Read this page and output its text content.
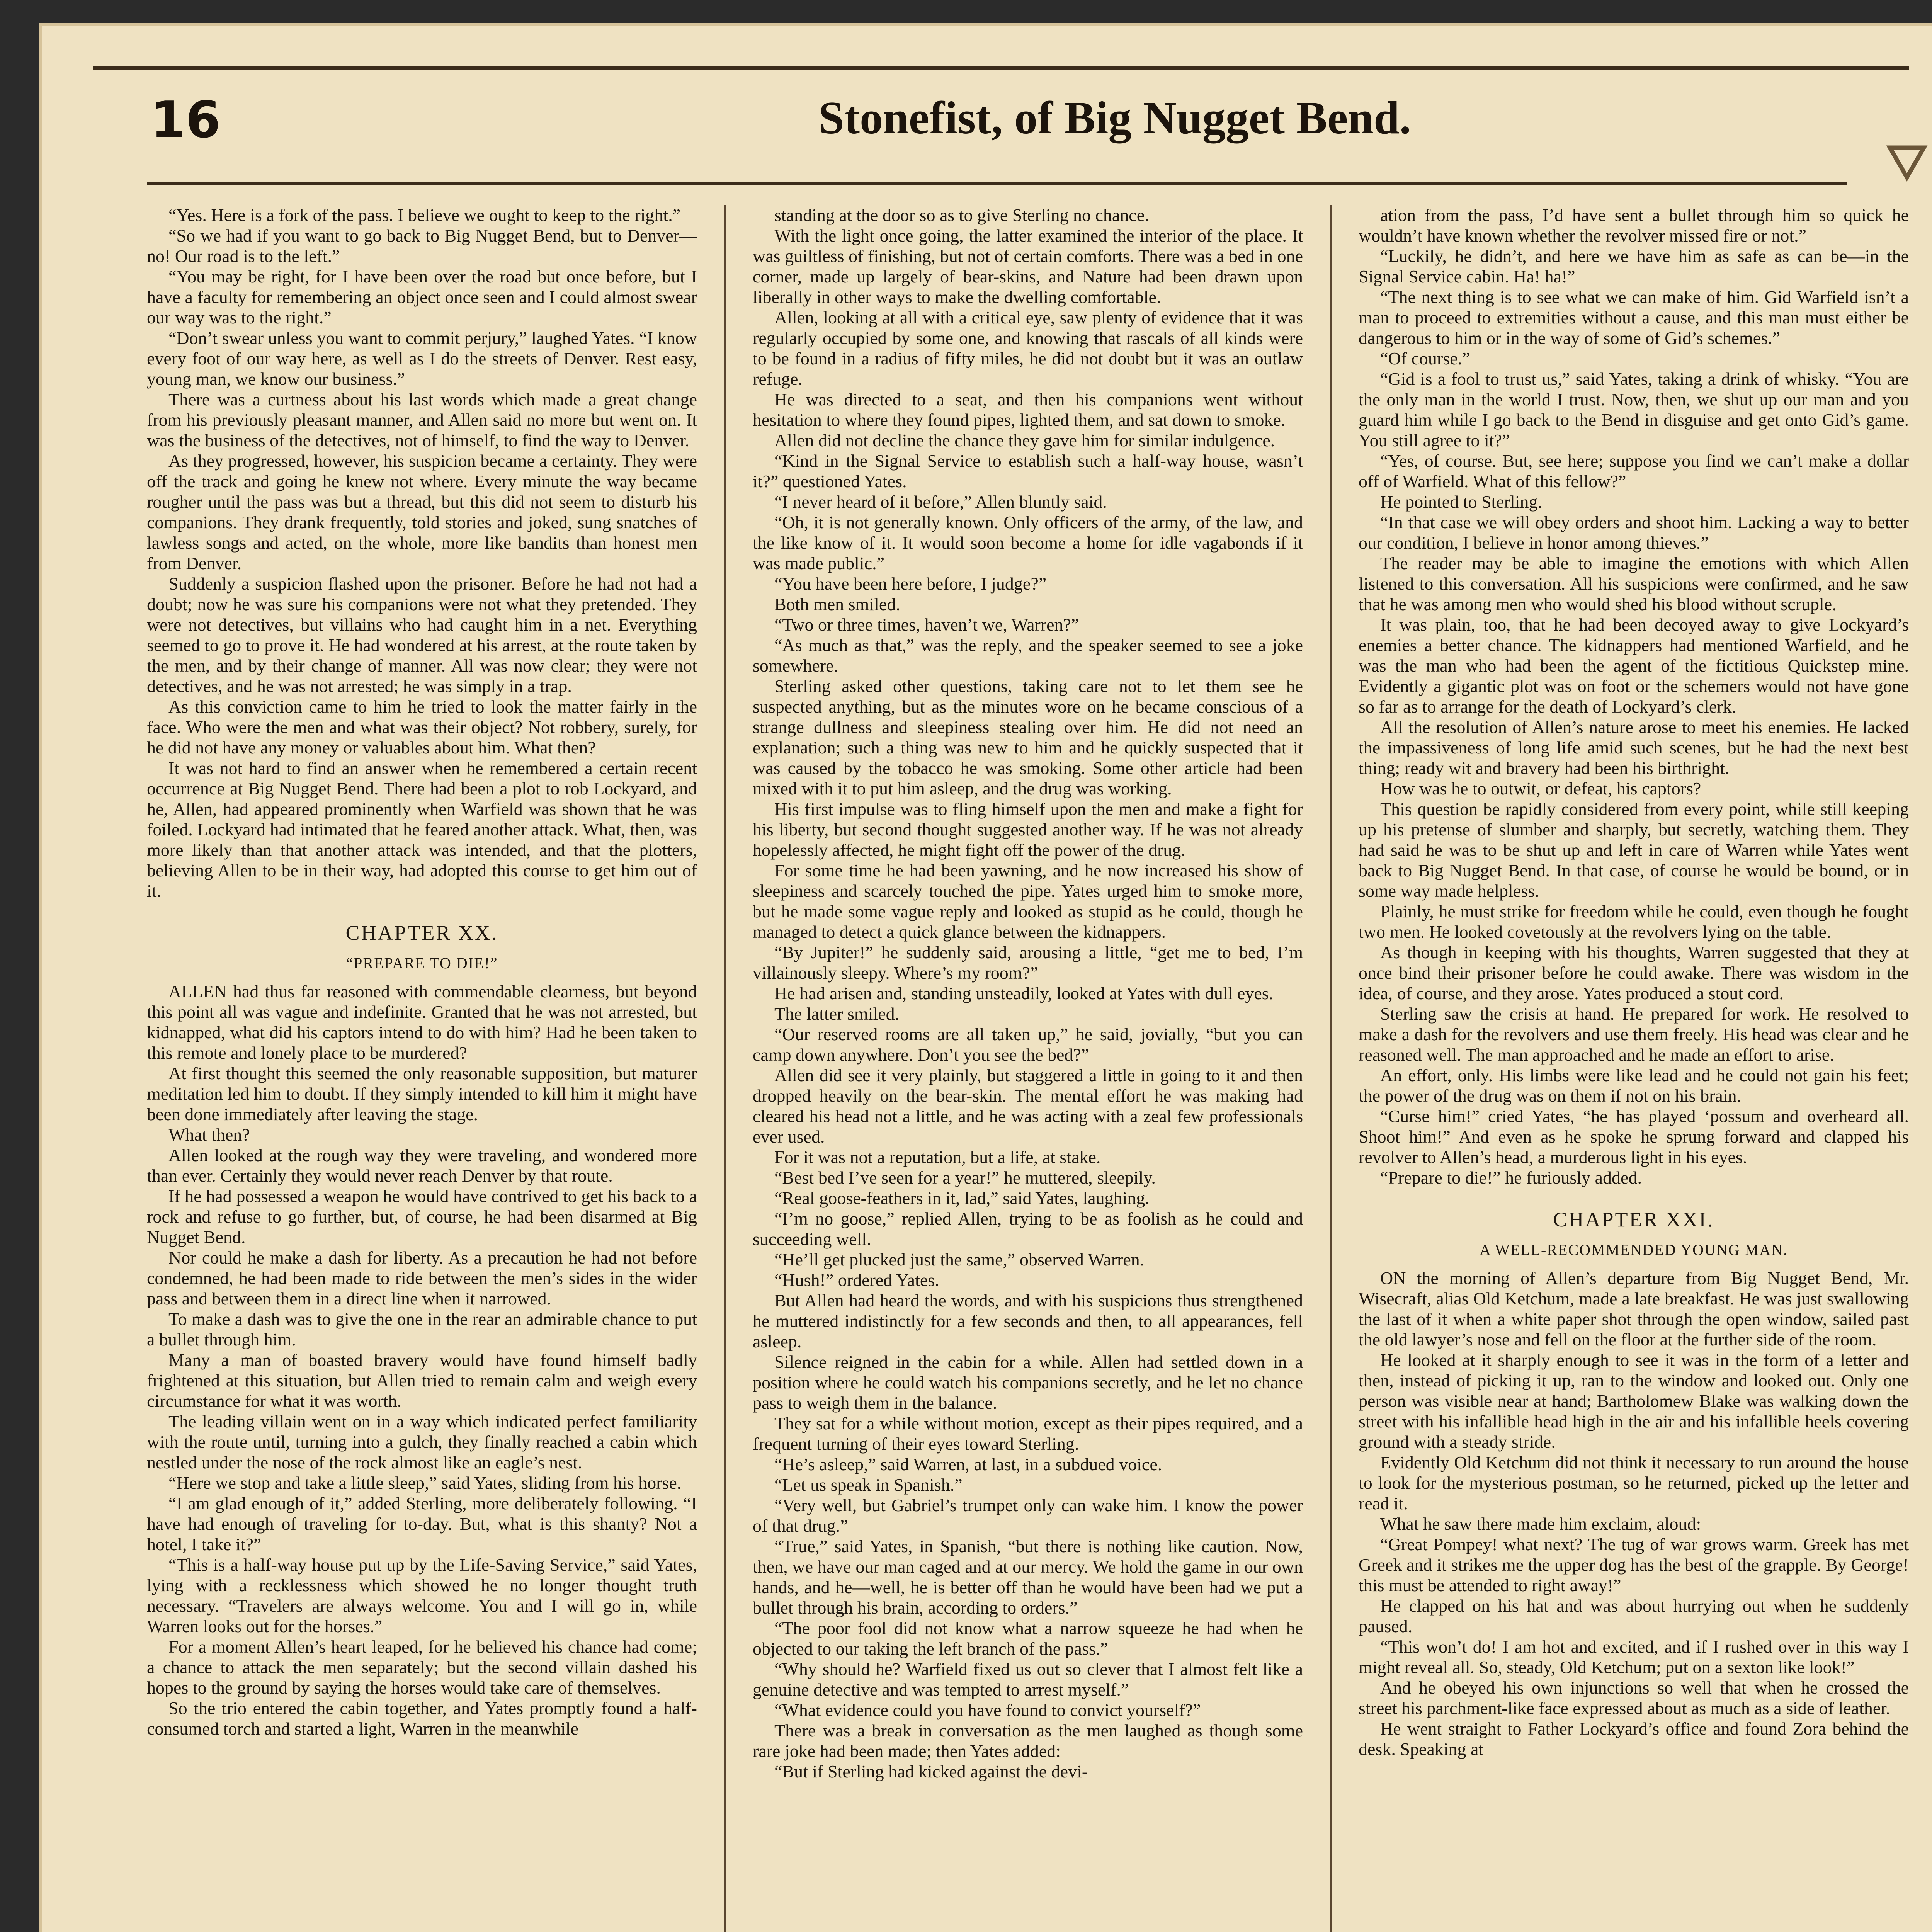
16	Stonefist, of Big Nugget Bend.

“Yes. Here is a fork of the pass. I believe we ought to keep to the right.”

“So we had if you want to go back to Big Nugget Bend, but to Denver—no! Our road is to the left.”

“You may be right, for I have been over the road but once before, but I have a faculty for remembering an object once seen and I could almost swear our way was to the right.”

“Don’t swear unless you want to commit perjury,” laughed Yates. “I know every foot of our way here, as well as I do the streets of Denver. Rest easy, young man, we know our business.”

There was a curtness about his last words which made a great change from his previously pleasant manner, and Allen said no more but went on. It was the business of the detectives, not of himself, to find the way to Denver.

As they progressed, however, his suspicion became a certainty. They were off the track and going he knew not where. Every minute the way became rougher until the pass was but a thread, but this did not seem to disturb his companions. They drank frequently, told stories and joked, sung snatches of lawless songs and acted, on the whole, more like bandits than honest men from Denver.

Suddenly a suspicion flashed upon the prisoner. Before he had not had a doubt; now he was sure his companions were not what they pretended. They were not detectives, but villains who had caught him in a net. Everything seemed to go to prove it. He had wondered at his arrest, at the route taken by the men, and by their change of manner. All was now clear; they were not detectives, and he was not arrested; he was simply in a trap.

As this conviction came to him he tried to look the matter fairly in the face. Who were the men and what was their object? Not robbery, surely, for he did not have any money or valuables about him. What then?

It was not hard to find an answer when he remembered a certain recent occurrence at Big Nugget Bend. There had been a plot to rob Lockyard, and he, Allen, had appeared prominently when Warfield was shown that he was foiled. Lockyard had intimated that he feared another attack. What, then, was more likely than that another attack was intended, and that the plotters, believing Allen to be in their way, had adopted this course to get him out of it.

CHAPTER XX.
“PREPARE TO DIE!”

ALLEN had thus far reasoned with commendable clearness, but beyond this point all was vague and indefinite. Granted that he was not arrested, but kidnapped, what did his captors intend to do with him? Had he been taken to this remote and lonely place to be murdered?

At first thought this seemed the only reasonable supposition, but maturer meditation led him to doubt. If they simply intended to kill him it might have been done immediately after leaving the stage.

What then?

Allen looked at the rough way they were traveling, and wondered more than ever. Certainly they would never reach Denver by that route.

If he had possessed a weapon he would have contrived to get his back to a rock and refuse to go further, but, of course, he had been disarmed at Big Nugget Bend.

Nor could he make a dash for liberty. As a precaution he had not before condemned, he had been made to ride between the men’s sides in the wider pass and between them in a direct line when it narrowed.

To make a dash was to give the one in the rear an admirable chance to put a bullet through him.

Many a man of boasted bravery would have found himself badly frightened at this situation, but Allen tried to remain calm and weigh every circumstance for what it was worth.

The leading villain went on in a way which indicated perfect familiarity with the route until, turning into a gulch, they finally reached a cabin which nestled under the nose of the rock almost like an eagle’s nest.

“Here we stop and take a little sleep,” said Yates, sliding from his horse.

“I am glad enough of it,” added Sterling, more deliberately following. “I have had enough of traveling for to-day. But, what is this shanty? Not a hotel, I take it?”

“This is a half-way house put up by the Life-Saving Service,” said Yates, lying with a recklessness which showed he no longer thought truth necessary. “Travelers are always welcome. You and I will go in, while Warren looks out for the horses.”

For a moment Allen’s heart leaped, for he believed his chance had come; a chance to attack the men separately; but the second villain dashed his hopes to the ground by saying the horses would take care of themselves.

So the trio entered the cabin together, and Yates promptly found a half-consumed torch and started a light, Warren in the meanwhile

standing at the door so as to give Sterling no chance.

With the light once going, the latter examined the interior of the place. It was guiltless of finishing, but not of certain comforts. There was a bed in one corner, made up largely of bear-skins, and Nature had been drawn upon liberally in other ways to make the dwelling comfortable.

Allen, looking at all with a critical eye, saw plenty of evidence that it was regularly occupied by some one, and knowing that rascals of all kinds were to be found in a radius of fifty miles, he did not doubt but it was an outlaw refuge.

He was directed to a seat, and then his companions went without hesitation to where they found pipes, lighted them, and sat down to smoke.

Allen did not decline the chance they gave him for similar indulgence.

“Kind in the Signal Service to establish such a half-way house, wasn’t it?” questioned Yates.

“I never heard of it before,” Allen bluntly said.

“Oh, it is not generally known. Only officers of the army, of the law, and the like know of it. It would soon become a home for idle vagabonds if it was made public.”

“You have been here before, I judge?”

Both men smiled.

“Two or three times, haven’t we, Warren?”

“As much as that,” was the reply, and the speaker seemed to see a joke somewhere.

Sterling asked other questions, taking care not to let them see he suspected anything, but as the minutes wore on he became conscious of a strange dullness and sleepiness stealing over him. He did not need an explanation; such a thing was new to him and he quickly suspected that it was caused by the tobacco he was smoking. Some other article had been mixed with it to put him asleep, and the drug was working.

His first impulse was to fling himself upon the men and make a fight for his liberty, but second thought suggested another way. If he was not already hopelessly affected, he might fight off the power of the drug.

For some time he had been yawning, and he now increased his show of sleepiness and scarcely touched the pipe. Yates urged him to smoke more, but he made some vague reply and looked as stupid as he could, though he managed to detect a quick glance between the kidnappers.

“By Jupiter!” he suddenly said, arousing a little, “get me to bed, I’m villainously sleepy. Where’s my room?”

He had arisen and, standing unsteadily, looked at Yates with dull eyes.

The latter smiled.

“Our reserved rooms are all taken up,” he said, jovially, “but you can camp down anywhere. Don’t you see the bed?”

Allen did see it very plainly, but staggered a little in going to it and then dropped heavily on the bear-skin. The mental effort he was making had cleared his head not a little, and he was acting with a zeal few professionals ever used.

For it was not a reputation, but a life, at stake.

“Best bed I’ve seen for a year!” he muttered, sleepily.

“Real goose-feathers in it, lad,” said Yates, laughing.

“I’m no goose,” replied Allen, trying to be as foolish as he could and succeeding well.

“He’ll get plucked just the same,” observed Warren.

“Hush!” ordered Yates.

But Allen had heard the words, and with his suspicions thus strengthened he muttered indistinctly for a few seconds and then, to all appearances, fell asleep.

Silence reigned in the cabin for a while. Allen had settled down in a position where he could watch his companions secretly, and he let no chance pass to weigh them in the balance.

They sat for a while without motion, except as their pipes required, and a frequent turning of their eyes toward Sterling.

“He’s asleep,” said Warren, at last, in a subdued voice.

“Let us speak in Spanish.”

“Very well, but Gabriel’s trumpet only can wake him. I know the power of that drug.”

“True,” said Yates, in Spanish, “but there is nothing like caution. Now, then, we have our man caged and at our mercy. We hold the game in our own hands, and he—well, he is better off than he would have been had we put a bullet through his brain, according to orders.”

“The poor fool did not know what a narrow squeeze he had when he objected to our taking the left branch of the pass.”

“Why should he? Warfield fixed us out so clever that I almost felt like a genuine detective and was tempted to arrest myself.”

“What evidence could you have found to convict yourself?”

There was a break in conversation as the men laughed as though some rare joke had been made; then Yates added:

“But if Sterling had kicked against the devi-

ation from the pass, I’d have sent a bullet through him so quick he wouldn’t have known whether the revolver missed fire or not.”

“Luckily, he didn’t, and here we have him as safe as can be—in the Signal Service cabin. Ha! ha!”

“The next thing is to see what we can make of him. Gid Warfield isn’t a man to proceed to extremities without a cause, and this man must either be dangerous to him or in the way of some of Gid’s schemes.”

“Of course.”

“Gid is a fool to trust us,” said Yates, taking a drink of whisky. “You are the only man in the world I trust. Now, then, we shut up our man and you guard him while I go back to the Bend in disguise and get onto Gid’s game. You still agree to it?”

“Yes, of course. But, see here; suppose you find we can’t make a dollar off of Warfield. What of this fellow?”

He pointed to Sterling.

“In that case we will obey orders and shoot him. Lacking a way to better our condition, I believe in honor among thieves.”

The reader may be able to imagine the emotions with which Allen listened to this conversation. All his suspicions were confirmed, and he saw that he was among men who would shed his blood without scruple.

It was plain, too, that he had been decoyed away to give Lockyard’s enemies a better chance. The kidnappers had mentioned Warfield, and he was the man who had been the agent of the fictitious Quickstep mine. Evidently a gigantic plot was on foot or the schemers would not have gone so far as to arrange for the death of Lockyard’s clerk.

All the resolution of Allen’s nature arose to meet his enemies. He lacked the impassiveness of long life amid such scenes, but he had the next best thing; ready wit and bravery had been his birthright.

How was he to outwit, or defeat, his captors?

This question be rapidly considered from every point, while still keeping up his pretense of slumber and sharply, but secretly, watching them. They had said he was to be shut up and left in care of Warren while Yates went back to Big Nugget Bend. In that case, of course he would be bound, or in some way made helpless.

Plainly, he must strike for freedom while he could, even though he fought two men. He looked covetously at the revolvers lying on the table.

As though in keeping with his thoughts, Warren suggested that they at once bind their prisoner before he could awake. There was wisdom in the idea, of course, and they arose. Yates produced a stout cord.

Sterling saw the crisis at hand. He prepared for work. He resolved to make a dash for the revolvers and use them freely. His head was clear and he reasoned well. The man approached and he made an effort to arise.

An effort, only. His limbs were like lead and he could not gain his feet; the power of the drug was on them if not on his brain.

“Curse him!” cried Yates, “he has played ‘possum and overheard all. Shoot him!” And even as he spoke he sprung forward and clapped his revolver to Allen’s head, a murderous light in his eyes.

“Prepare to die!” he furiously added.

CHAPTER XXI.
A WELL-RECOMMENDED YOUNG MAN.

ON the morning of Allen’s departure from Big Nugget Bend, Mr. Wisecraft, alias Old Ketchum, made a late breakfast. He was just swallowing the last of it when a white paper shot through the open window, sailed past the old lawyer’s nose and fell on the floor at the further side of the room.

He looked at it sharply enough to see it was in the form of a letter and then, instead of picking it up, ran to the window and looked out. Only one person was visible near at hand; Bartholomew Blake was walking down the street with his infallible head high in the air and his infallible heels covering ground with a steady stride.

Evidently Old Ketchum did not think it necessary to run around the house to look for the mysterious postman, so he returned, picked up the letter and read it.

What he saw there made him exclaim, aloud:

“Great Pompey! what next? The tug of war grows warm. Greek has met Greek and it strikes me the upper dog has the best of the grapple. By George! this must be attended to right away!”

He clapped on his hat and was about hurrying out when he suddenly paused.

“This won’t do! I am hot and excited, and if I rushed over in this way I might reveal all. So, steady, Old Ketchum; put on a sexton like look!”

And he obeyed his own injunctions so well that when he crossed the street his parchment-like face expressed about as much as a side of leather.

He went straight to Father Lockyard’s office and found Zora behind the desk. Speaking at
